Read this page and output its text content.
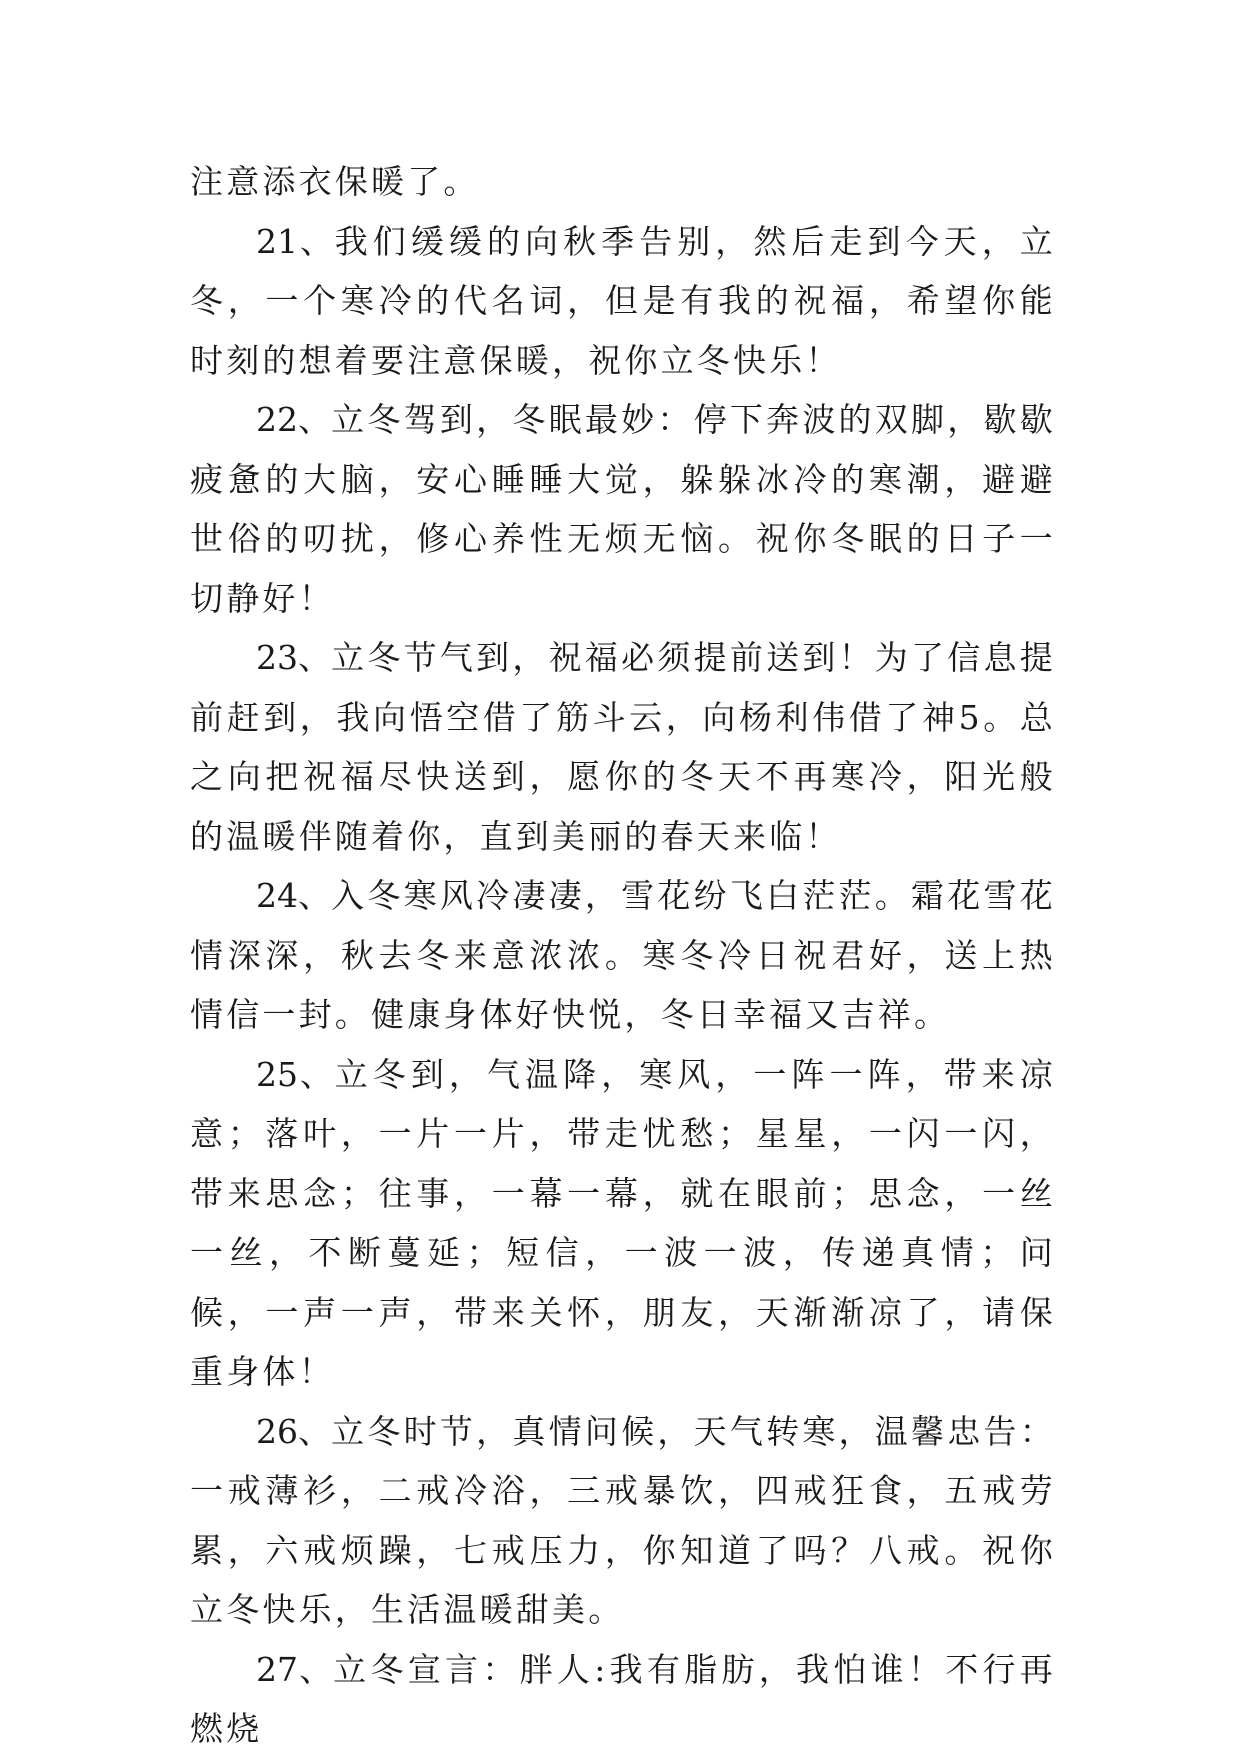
注意添衣保暖了。

21、我们缓缓的向秋季告别，然后走到今天，立冬，一个寒冷的代名词，但是有我的祝福，希望你能时刻的想着要注意保暖，祝你立冬快乐！

22、立冬驾到，冬眠最妙：停下奔波的双脚，歇歇疲惫的大脑，安心睡睡大觉，躲躲冰冷的寒潮，避避世俗的叨扰，修心养性无烦无恼。祝你冬眠的日子一切静好！

23、立冬节气到，祝福必须提前送到！为了信息提前赶到，我向悟空借了筋斗云，向杨利伟借了神5。总之向把祝福尽快送到，愿你的冬天不再寒冷，阳光般的温暖伴随着你，直到美丽的春天来临！

24、入冬寒风冷凄凄，雪花纷飞白茫茫。霜花雪花情深深，秋去冬来意浓浓。寒冬冷日祝君好，送上热情信一封。健康身体好快悦，冬日幸福又吉祥。

25、立冬到，气温降，寒风，一阵一阵，带来凉意；落叶，一片一片，带走忧愁；星星，一闪一闪，带来思念；往事，一幕一幕，就在眼前；思念，一丝一丝，不断蔓延；短信，一波一波，传递真情；问候，一声一声，带来关怀，朋友，天渐渐凉了，请保重身体！

26、立冬时节，真情问候，天气转寒，温馨忠告：一戒薄衫，二戒冷浴，三戒暴饮，四戒狂食，五戒劳累，六戒烦躁，七戒压力，你知道了吗？八戒。祝你立冬快乐，生活温暖甜美。

27、立冬宣言：胖人:我有脂肪，我怕谁！不行再燃烧
